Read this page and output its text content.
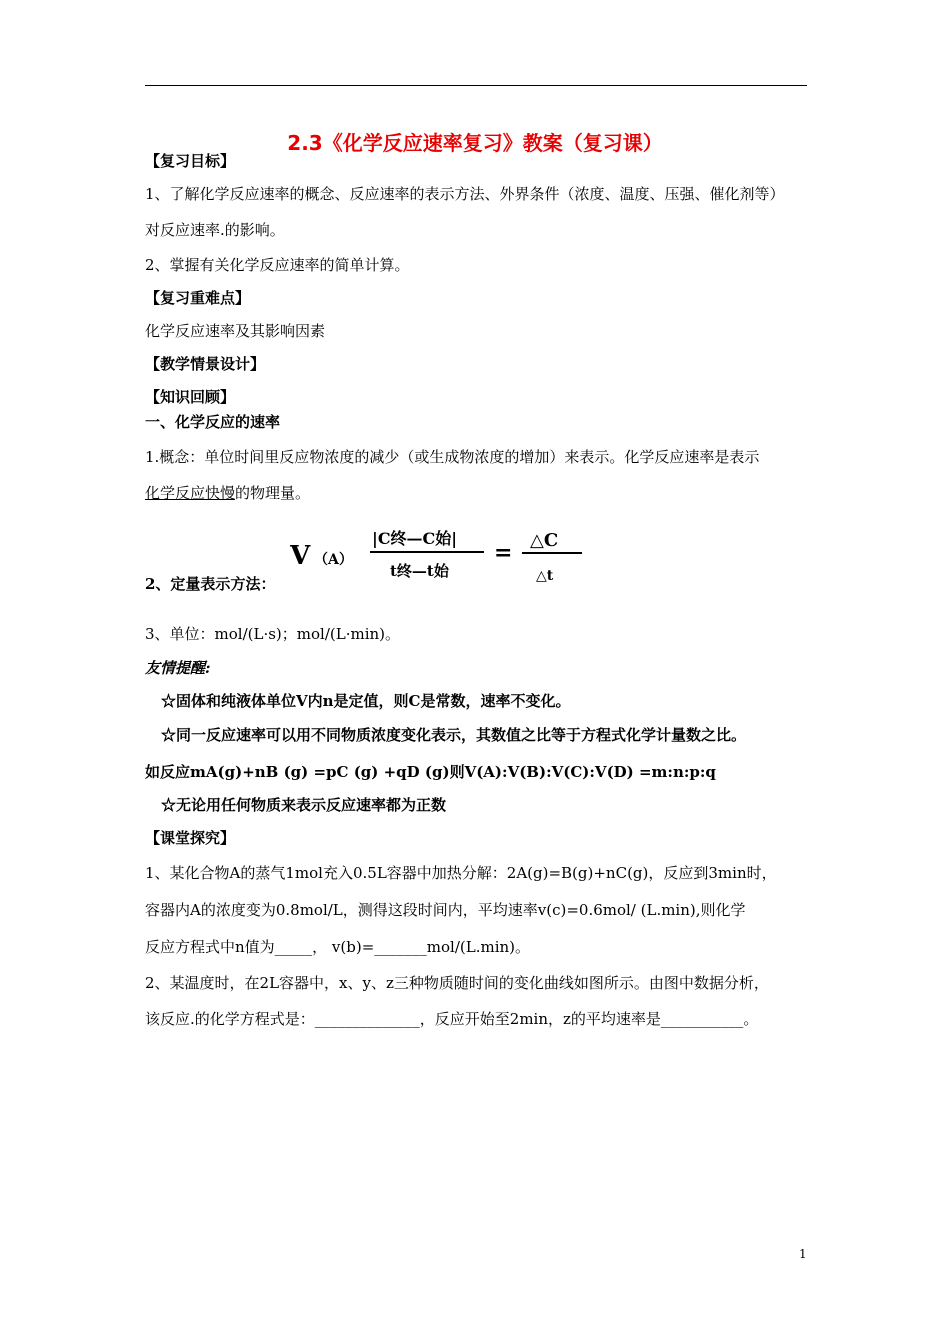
2.3《化学反应速率复习》教案（复习课）
【复习目标】
1、了解化学反应速率的概念、反应速率的表示方法、外界条件（浓度、温度、压强、催化剂等）
对反应速率.的影响。
2、掌握有关化学反应速率的简单计算。
【复习重难点】
化学反应速率及其影响因素
【教学情景设计】
【知识回顾】
一、化学反应的速率
1.概念：单位时间里反应物浓度的减少（或生成物浓度的增加）来表示。化学反应速率是表示
化学反应快慢的物理量。
V （A）
|C终—C始|
t终—t始
= △C
△t
2、定量表示方法：
3、单位：mol/(L·s)；mol/(L·min)。
友情提醒:
☆固体和纯液体单位V内n是定值，则C是常数，速率不变化。
☆同一反应速率可以用不同物质浓度变化表示，其数值之比等于方程式化学计量数之比。
如反应mA(g)+nB (g) =pC (g) +qD (g)则V(A):V(B):V(C):V(D) =m:n:p:q
☆无论用任何物质来表示反应速率都为正数
【课堂探究】
1、某化合物A的蒸气1mol充入0.5L容器中加热分解：2A(g)=B(g)+nC(g)，反应到3min时，
容器内A的浓度变为0.8mol/L，测得这段时间内，平均速率v(c)=0.6mol/ (L.min),则化学
反应方程式中n值为_____， v(b)=_______mol/(L.min)。
2、某温度时，在2L容器中，x、y、z三种物质随时间的变化曲线如图所示。由图中数据分析，
该反应.的化学方程式是：______________，反应开始至2min，z的平均速率是___________。
1
